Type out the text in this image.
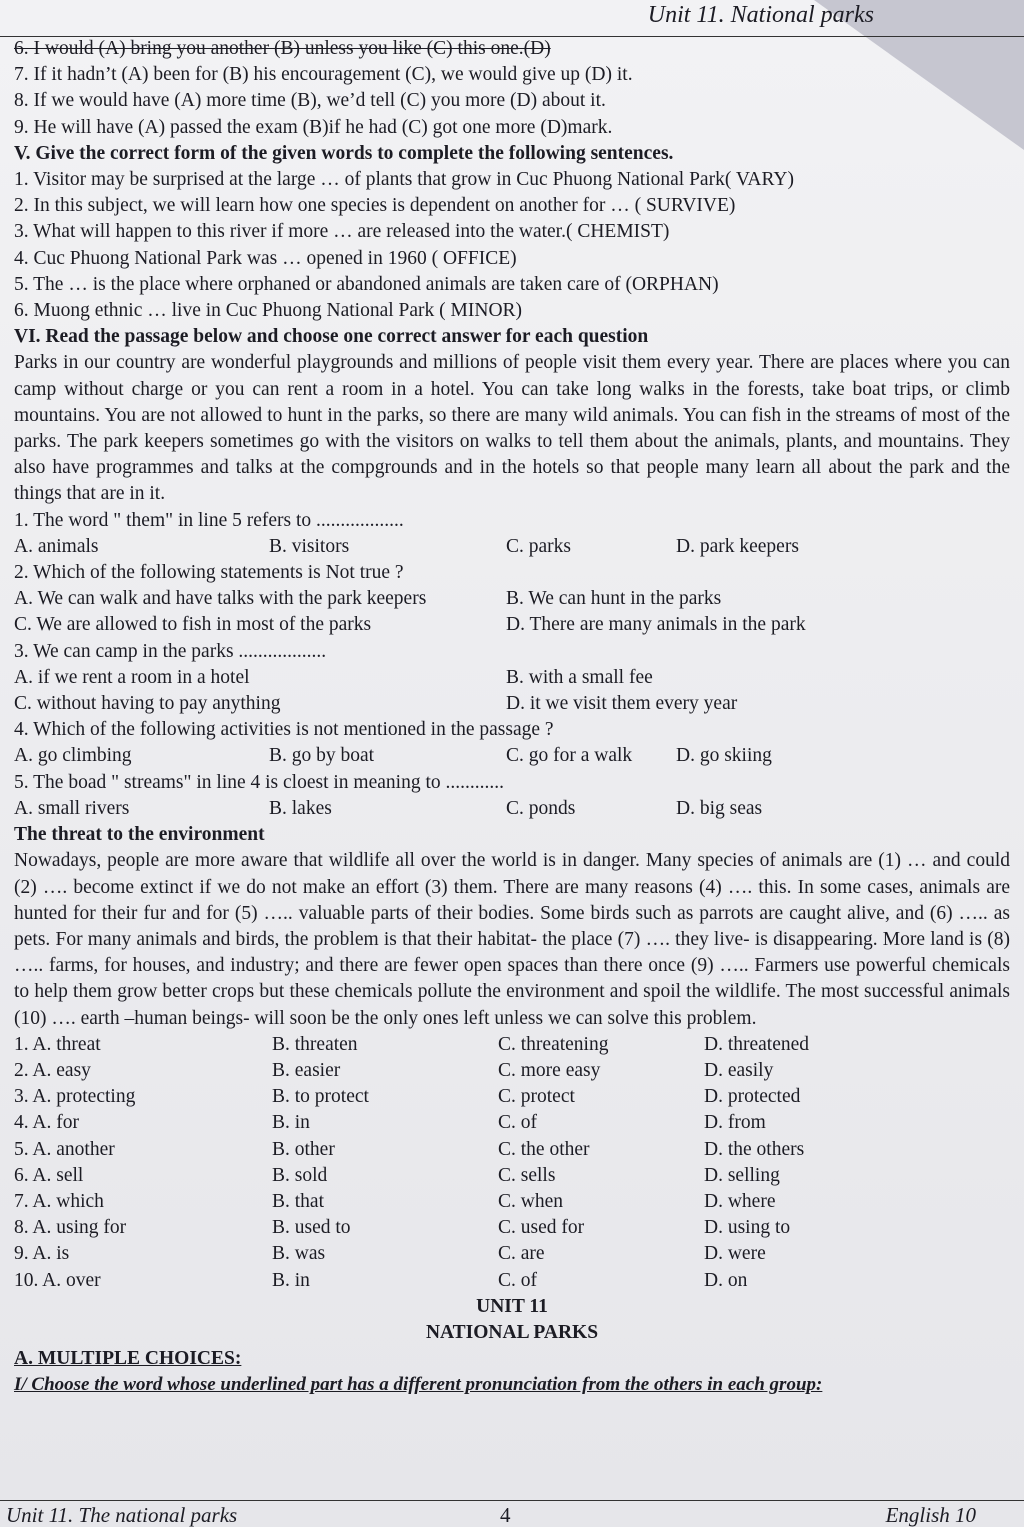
Unit 11. National parks
6. I would (A) bring you another (B) unless you like (C) this one.(D)
7. If it hadn’t (A) been for (B) his encouragement (C), we would give up (D) it.
8. If we would have (A) more time (B), we’d tell (C) you more (D) about it.
9. He will have (A) passed the exam (B)if he had (C) got one more (D)mark.
V. Give the correct form of the given words to complete the following sentences.
1. Visitor may be surprised at the large … of plants that grow in Cuc Phuong National Park( VARY)
2. In this subject, we will learn how one species is dependent on another for … ( SURVIVE)
3. What will happen to this river if more … are released into the water.( CHEMIST)
4. Cuc Phuong National Park was … opened in 1960 ( OFFICE)
5. The … is the place where orphaned or abandoned animals are taken care of (ORPHAN)
6. Muong ethnic … live in Cuc Phuong National Park ( MINOR)
VI. Read the passage below and choose one correct answer for each question
Parks in our country are wonderful playgrounds and millions of people visit them every year. There are places where you can camp without charge or you can rent a room in a hotel. You can take long walks in the forests, take boat trips, or climb mountains. You are not allowed to hunt in the parks, so there are many wild animals. You can fish in the streams of most of the parks. The park keepers sometimes go with the visitors on walks to tell them about the animals, plants, and mountains. They also have programmes and talks at the compgrounds and in the hotels so that people many learn all about the park and the things that are in it.
1. The word " them" in line 5 refers to ..................
A. animals	B. visitors	C. parks	D. park keepers
2. Which of the following statements is Not true ?
A. We can walk and have talks with the park keepers	B. We can hunt in the parks
C. We are allowed to fish in most of the parks	D. There are many animals in the park
3. We can camp in the parks ..................
A. if we rent a room in a hotel	B. with a small fee
C. without having to pay anything	D. it we visit them every year
4. Which of the following activities is not mentioned in the passage ?
A. go climbing	B. go by boat	C. go for a walk	D. go skiing
5. The boad " streams" in line 4 is cloest in meaning to ............
A. small rivers	B. lakes	C. ponds	D. big seas
The threat to the environment
Nowadays, people are more aware that wildlife all over the world is in danger. Many species of animals are (1) … and could (2) …. become extinct if we do not make an effort (3) them. There are many reasons (4) …. this. In some cases, animals are hunted for their fur and for (5) ….. valuable parts of their bodies. Some birds such as parrots are caught alive, and (6) ….. as pets. For many animals and birds, the problem is that their habitat- the place (7) …. they live- is disappearing. More land is (8) ….. farms, for houses, and industry; and there are fewer open spaces than there once (9) ….. Farmers use powerful chemicals to help them grow better crops but these chemicals pollute the environment and spoil the wildlife. The most successful animals (10) …. earth –human beings- will soon be the only ones left unless we can solve this problem.
1. A. threat	B. threaten	C. threatening	D. threatened
2. A. easy	B. easier	C. more easy	D. easily
3. A. protecting	B. to protect	C. protect	D. protected
4. A. for	B. in	C. of	D. from
5. A. another	B. other	C. the other	D. the others
6. A. sell	B. sold	C. sells	D. selling
7. A. which	B. that	C. when	D. where
8. A. using for	B. used to	C. used for	D. using to
9. A. is	B. was	C. are	D. were
10. A. over	B. in	C. of	D. on
UNIT 11
NATIONAL PARKS
A. MULTIPLE CHOICES:
I/ Choose the word whose underlined part has a different pronunciation from the others in each group:
Unit 11. The national parks	4	English 10
